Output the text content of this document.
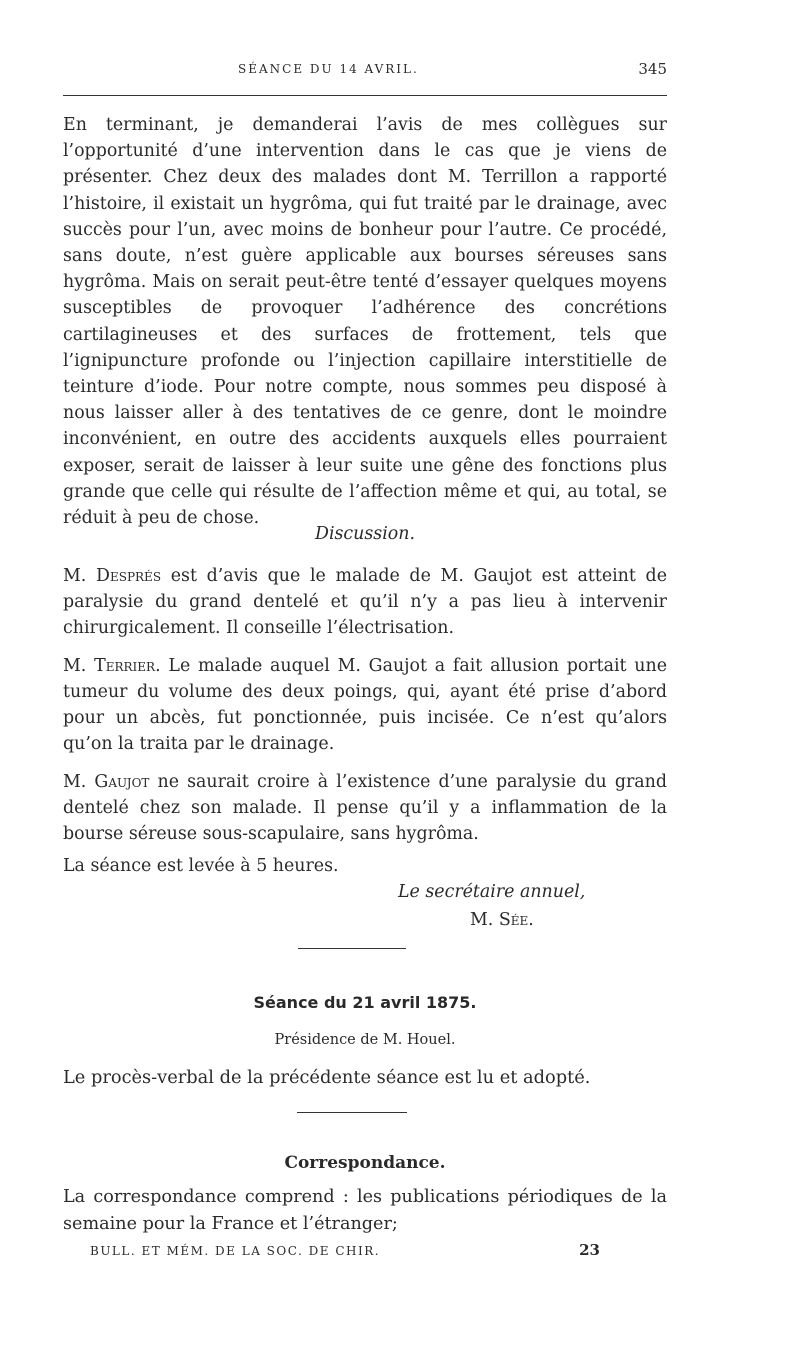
SÉANCE DU 14 AVRIL.	345

En terminant, je demanderai l’avis de mes collègues sur l’opportunité d’une intervention dans le cas que je viens de présenter. Chez deux des malades dont M. Terrillon a rapporté l’histoire, il existait un hygrôma, qui fut traité par le drainage, avec succès pour l’un, avec moins de bonheur pour l’autre. Ce procédé, sans doute, n’est guère applicable aux bourses séreuses sans hygrôma. Mais on serait peut-être tenté d’essayer quelques moyens susceptibles de provoquer l’adhérence des concrétions cartilagineuses et des surfaces de frottement, tels que l’ignipuncture profonde ou l’injection capillaire interstitielle de teinture d’iode. Pour notre compte, nous sommes peu disposé à nous laisser aller à des tentatives de ce genre, dont le moindre inconvénient, en outre des accidents auxquels elles pourraient exposer, serait de laisser à leur suite une gêne des fonctions plus grande que celle qui résulte de l’affection même et qui, au total, se réduit à peu de chose.

Discussion.

M. Després est d’avis que le malade de M. Gaujot est atteint de paralysie du grand dentelé et qu’il n’y a pas lieu à intervenir chirurgicalement. Il conseille l’électrisation.

M. Terrier. Le malade auquel M. Gaujot a fait allusion portait une tumeur du volume des deux poings, qui, ayant été prise d’abord pour un abcès, fut ponctionnée, puis incisée. Ce n’est qu’alors qu’on la traita par le drainage.

M. Gaujot ne saurait croire à l’existence d’une paralysie du grand dentelé chez son malade. Il pense qu’il y a inflammation de la bourse séreuse sous-scapulaire, sans hygrôma.

La séance est levée à 5 heures.

Le secrétaire annuel,
M. Sée.
Séance du 21 avril 1875.
Présidence de M. Houel.
Le procès-verbal de la précédente séance est lu et adopté.
Correspondance.

La correspondance comprend : les publications périodiques de la semaine pour la France et l’étranger;

BULL. ET MÉM. DE LA SOC. DE CHIR.	23
